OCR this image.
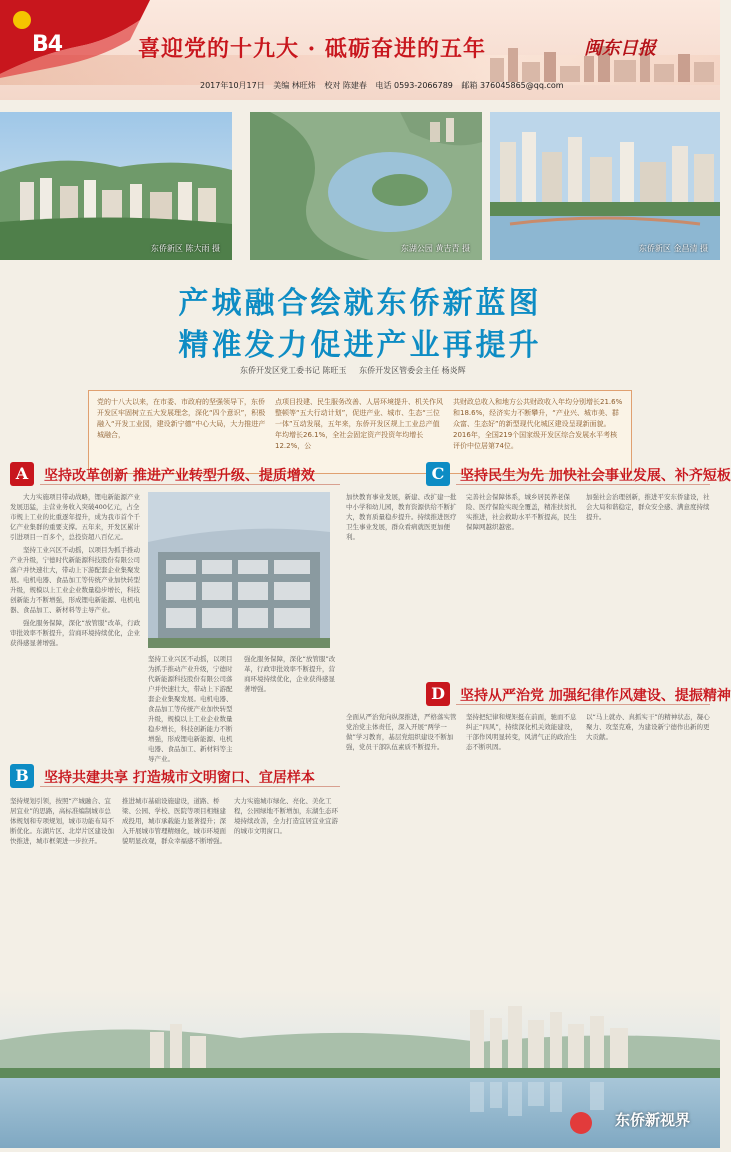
B4	喜迎党的十九大 · 砥砺奋进的五年	闽东日报
2017年10月17日 美编 林旺炜 校对 陈建春 电话 0593-2066789 邮箱 376045865@qq.com
东侨新区 陈大雨 摄	东湖公园 黄吉青 摄	东侨新区 金昌清 摄
产城融合绘就东侨新蓝图
精准发力促进产业再提升
东侨开发区党工委书记 陈旺玉 东侨开发区管委会主任 杨炎辉
党的十八大以来，在市委、市政府的坚强领导下，东侨开发区牢固树立五大发展理念，深化“四个意识”，积极融入“开发工业园，建设新宁德”中心大局，大力推进产城融合，
点项目投建、民生服务改善、人居环境提升、机关作风整顿等“五大行动计划”，促进产业、城市、生态“三位一体”互动发展，五年来，东侨开发区规上工业总产值年均增长26.1%，全社会固定资产投资年均增长12.2%，公
共财政总收入和地方公共财政收入年均分别增长21.6%和18.6%，经济实力不断攀升，“产业兴、城市美、群众富、生态好”的新型现代化城区建设呈现新面貌。2016年，全国219个国家级开发区综合发展水平考核评价中位居第74位。
A	坚持改革创新 推进产业转型升级、提质增效

大力实施项目带动战略，锂电新能源产业发展迅猛，主营业务收入突破400亿元，占全市规上工业的比重逐年提升，成为我市首个千亿产业集群的重要支撑。五年来，开发区累计引进项目一百多个，总投资超八百亿元。

坚持工业兴区不动摇，以项目为抓手推动产业升级，宁德时代新能源科技股份有限公司落户并快速壮大，带动上下游配套企业集聚发展。电机电器、食品加工等传统产业加快转型升级，规模以上工业企业数量稳步增长，科技创新能力不断增强，形成锂电新能源、电机电器、食品加工、新材料等主导产业。

强化服务保障，深化“放管服”改革，行政审批效率不断提升，营商环境持续优化，企业获得感显著增强。

坚持工业兴区不动摇，以项目为抓手推动产业升级，宁德时代新能源科技股份有限公司落户并快速壮大，带动上下游配套企业集聚发展。电机电器、食品加工等传统产业加快转型升级，规模以上工业企业数量稳步增长，科技创新能力不断增强，形成锂电新能源、电机电器、食品加工、新材料等主导产业。
强化服务保障，深化“放管服”改革，行政审批效率不断提升，营商环境持续优化，企业获得感显著增强。
B	坚持共建共享 打造城市文明窗口、宜居样本
坚持规划引领，按照“产城融合、宜居宜业”的思路，高标准编制城市总体规划和专项规划，城市功能布局不断优化。东湖片区、北岸片区建设加快推进，城市框架进一步拉开。
推进城市基础设施建设，道路、桥梁、公园、学校、医院等项目相继建成投用，城市承载能力显著提升；深入开展城市管理精细化，城市环境面貌明显改观，群众幸福感不断增强。
大力实施城市绿化、亮化、美化工程，公园绿地不断增加，东湖生态环境持续改善，全力打造宜居宜业宜游的城市文明窗口。
C	坚持民生为先 加快社会事业发展、补齐短板
加快教育事业发展，新建、改扩建一批中小学和幼儿园，教育资源供给不断扩大，教育质量稳步提升。持续推进医疗卫生事业发展，群众看病就医更加便利。
完善社会保障体系，城乡居民养老保险、医疗保险实现全覆盖，精准扶贫扎实推进，社会救助水平不断提高，民生保障网越织越密。
加强社会治理创新，推进平安东侨建设，社会大局和谐稳定，群众安全感、满意度持续提升。
D	坚持从严治党 加强纪律作风建设、提振精神
全面从严治党向纵深推进，严格落实管党治党主体责任，深入开展“两学一做”学习教育，基层党组织建设不断加强，党员干部队伍素质不断提升。
坚持把纪律和规矩挺在前面，驰而不息纠正“四风”，持续深化机关效能建设，干部作风明显转变，风清气正的政治生态不断巩固。
以“马上就办、真抓实干”的精神状态，凝心聚力、攻坚克难，为建设新宁德作出新的更大贡献。
东侨新视界
